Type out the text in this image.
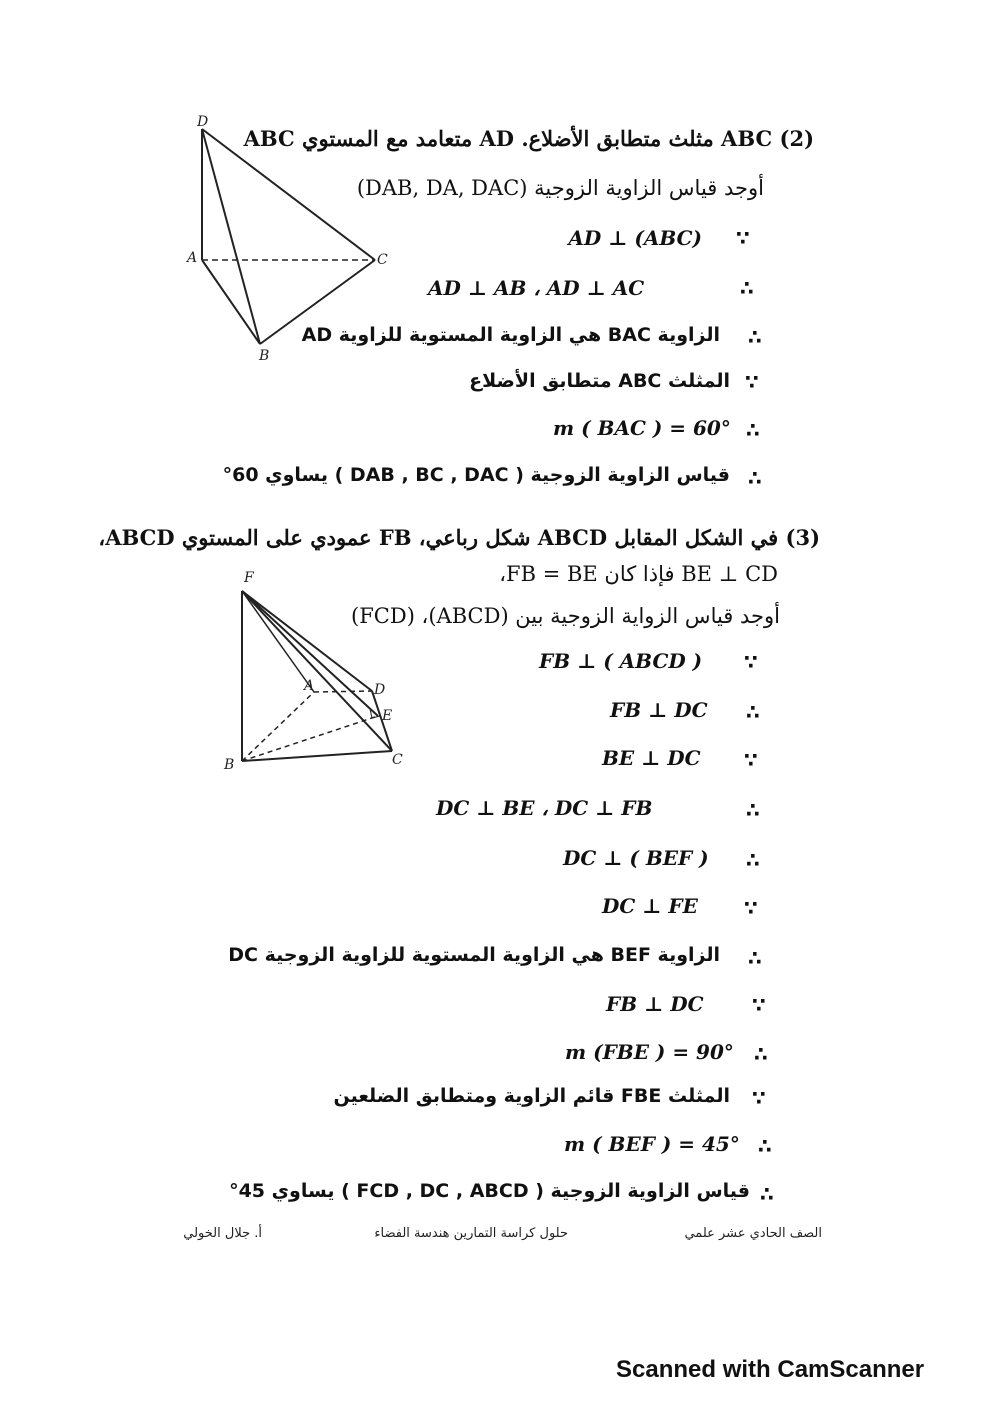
D
A	C
B
(2) ABC مثلث متطابق الأضلاع. AD متعامد مع المستوي ABC
أوجد قياس الزاوية الزوجية (DAB, DA, DAC)
AD ⊥ (ABC) ∵
∴
AD ⊥ AB ، AD ⊥ AC
∴
الزاوية BAC هي الزاوية المستوية للزاوية AD
∵
المثلث ABC متطابق الأضلاع
∴
m ( BAC ) = 60°
∴
قياس الزاوية الزوجية ( DAB , BC , DAC ) يساوي 60°
(3) في الشكل المقابل ABCD شكل رباعي، FB عمودي على المستوي ABCD،
BE ⊥ CD فإذا كان FB = BE،
أوجد قياس الزواية الزوجية بين (ABCD)، (FCD)
F
A	D
E
B	C
∵
FB ⊥ ( ABCD )
∴
FB ⊥ DC
∵
BE ⊥ DC
∴
DC ⊥ BE ، DC ⊥ FB
∴
DC ⊥ ( BEF )
∵
DC ⊥ FE
∴
الزاوية BEF هي الزاوية المستوية للزاوية الزوجية DC
∵
FB ⊥ DC
∴
m (FBE ) = 90°
∵
المثلث FBE قائم الزاوية ومتطابق الضلعين
∴
m ( BEF ) = 45°
∴
قياس الزاوية الزوجية ( FCD , DC , ABCD ) يساوي 45°
الصف الحادي عشر علمي
حلول كراسة التمارين هندسة الفضاء
أ. جلال الخولي
Scanned with CamScanner
